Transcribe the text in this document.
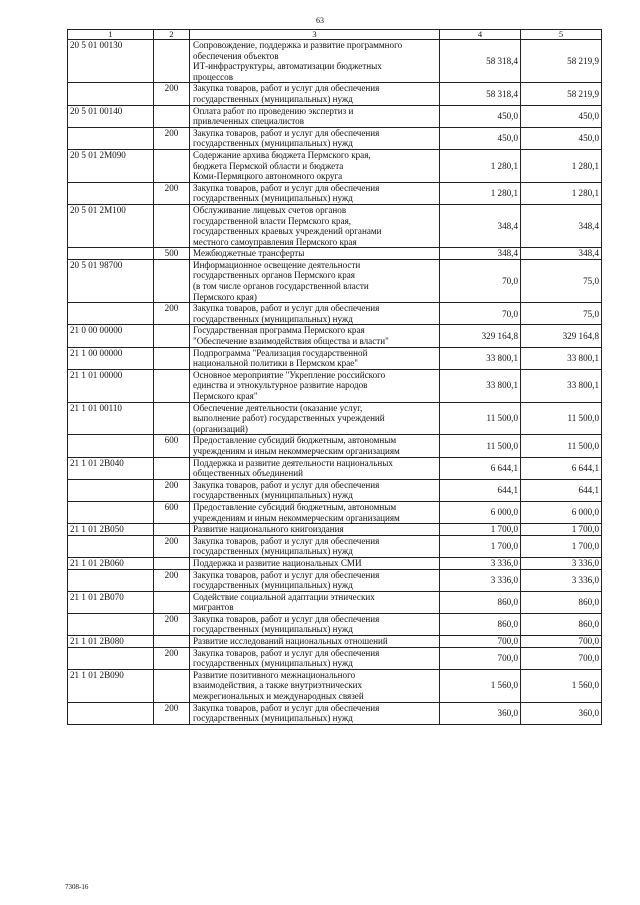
63
1	2	3	4	5
20 5 01 00130		Сопровождение, поддержка и развитие программного
обеспечения объектов
ИТ-инфраструктуры, автоматизации бюджетных
процессов	58 318,4	58 219,9
	200	Закупка товаров, работ и услуг для обеспечения
государственных (муниципальных) нужд	58 318,4	58 219,9
20 5 01 00140		Оплата работ по проведению экспертиз и
привлеченных специалистов	450,0	450,0
	200	Закупка товаров, работ и услуг для обеспечения
государственных (муниципальных) нужд	450,0	450,0
20 5 01 2М090		Содержание архива бюджета Пермского края,
бюджета Пермской области и бюджета
Коми-Пермяцкого автономного округа	1 280,1	1 280,1
	200	Закупка товаров, работ и услуг для обеспечения
государственных (муниципальных) нужд	1 280,1	1 280,1
20 5 01 2М100		Обслуживание лицевых счетов органов
государственной власти Пермского края,
государственных краевых учреждений органами
местного самоуправления Пермского края	348,4	348,4
	500	Межбюджетные трансферты	348,4	348,4
20 5 01 98700		Информационное освещение деятельности
государственных органов Пермского края
(в том числе органов государственной власти
Пермского края)	70,0	75,0
	200	Закупка товаров, работ и услуг для обеспечения
государственных (муниципальных) нужд	70,0	75,0
21 0 00 00000		Государственная программа Пермского края
"Обеспечение взаимодействия общества и власти"	329 164,8	329 164,8
21 1 00 00000		Подпрограмма "Реализация государственной
национальной политики в Пермском крае"	33 800,1	33 800,1
21 1 01 00000		Основное мероприятие "Укрепление российского
единства и этнокультурное развитие народов
Пермского края"	33 800,1	33 800,1
21 1 01 00110		Обеспечение деятельности (оказание услуг,
выполнение работ) государственных учреждений
(организаций)	11 500,0	11 500,0
	600	Предоставление субсидий бюджетным, автономным
учреждениям и иным некоммерческим организациям	11 500,0	11 500,0
21 1 01 2В040		Поддержка и развитие деятельности национальных
общественных объединений	6 644,1	6 644,1
	200	Закупка товаров, работ и услуг для обеспечения
государственных (муниципальных) нужд	644,1	644,1
	600	Предоставление субсидий бюджетным, автономным
учреждениям и иным некоммерческим организациям	6 000,0	6 000,0
21 1 01 2В050		Развитие национального книгоиздания	1 700,0	1 700,0
	200	Закупка товаров, работ и услуг для обеспечения
государственных (муниципальных) нужд	1 700,0	1 700,0
21 1 01 2В060		Поддержка и развитие национальных СМИ	3 336,0	3 336,0
	200	Закупка товаров, работ и услуг для обеспечения
государственных (муниципальных) нужд	3 336,0	3 336,0
21 1 01 2В070		Содействие социальной адаптации этнических
мигрантов	860,0	860,0
	200	Закупка товаров, работ и услуг для обеспечения
государственных (муниципальных) нужд	860,0	860,0
21 1 01 2В080		Развитие исследований национальных отношений	700,0	700,0
	200	Закупка товаров, работ и услуг для обеспечения
государственных (муниципальных) нужд	700,0	700,0
21 1 01 2В090		Развитие позитивного межнационального
взаимодействия, а также внутриэтнических
межрегиональных и международных связей	1 560,0	1 560,0
	200	Закупка товаров, работ и услуг для обеспечения
государственных (муниципальных) нужд	360,0	360,0
7308-16
